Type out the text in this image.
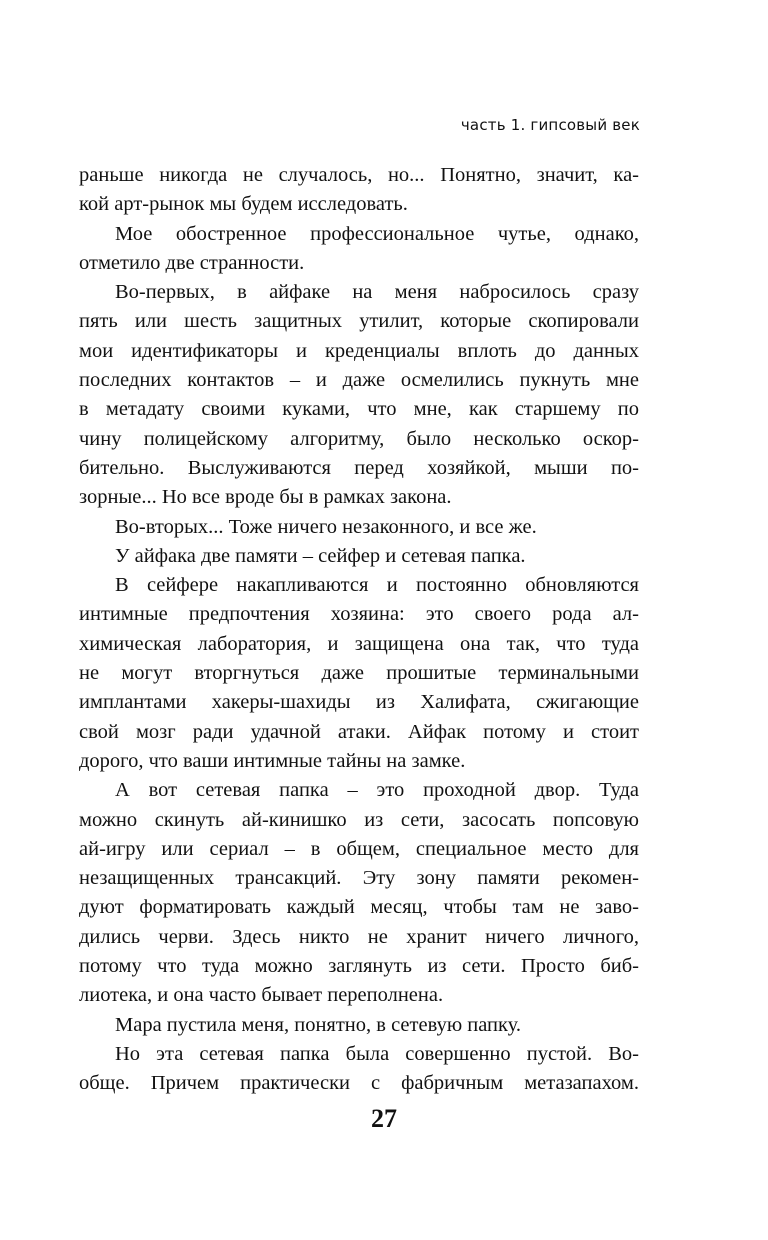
часть 1. гипсовый век
раньше никогда не случалось, но... Понятно, значит, ка-
кой арт-рынок мы будем исследовать.
Мое обостренное профессиональное чутье, однако,
отметило две странности.
Во-первых, в айфаке на меня набросилось сразу
пять или шесть защитных утилит, которые скопировали
мои идентификаторы и креденциалы вплоть до данных
последних контактов – и даже осмелились пукнуть мне
в метадату своими куками, что мне, как старшему по
чину полицейскому алгоритму, было несколько оскор-
бительно. Выслуживаются перед хозяйкой, мыши по-
зорные... Но все вроде бы в рамках закона.
Во-вторых... Тоже ничего незаконного, и все же.
У айфака две памяти – сейфер и сетевая папка.
В сейфере накапливаются и постоянно обновляются
интимные предпочтения хозяина: это своего рода ал-
химическая лаборатория, и защищена она так, что туда
не могут вторгнуться даже прошитые терминальными
имплантами хакеры-шахиды из Халифата, сжигающие
свой мозг ради удачной атаки. Айфак потому и стоит
дорого, что ваши интимные тайны на замке.
А вот сетевая папка – это проходной двор. Туда
можно скинуть ай-кинишко из сети, засосать попсовую
ай-игру или сериал – в общем, специальное место для
незащищенных трансакций. Эту зону памяти рекомен-
дуют форматировать каждый месяц, чтобы там не заво-
дились черви. Здесь никто не хранит ничего личного,
потому что туда можно заглянуть из сети. Просто биб-
лиотека, и она часто бывает переполнена.
Мара пустила меня, понятно, в сетевую папку.
Но эта сетевая папка была совершенно пустой. Во-
обще. Причем практически с фабричным метазапахом.
27
